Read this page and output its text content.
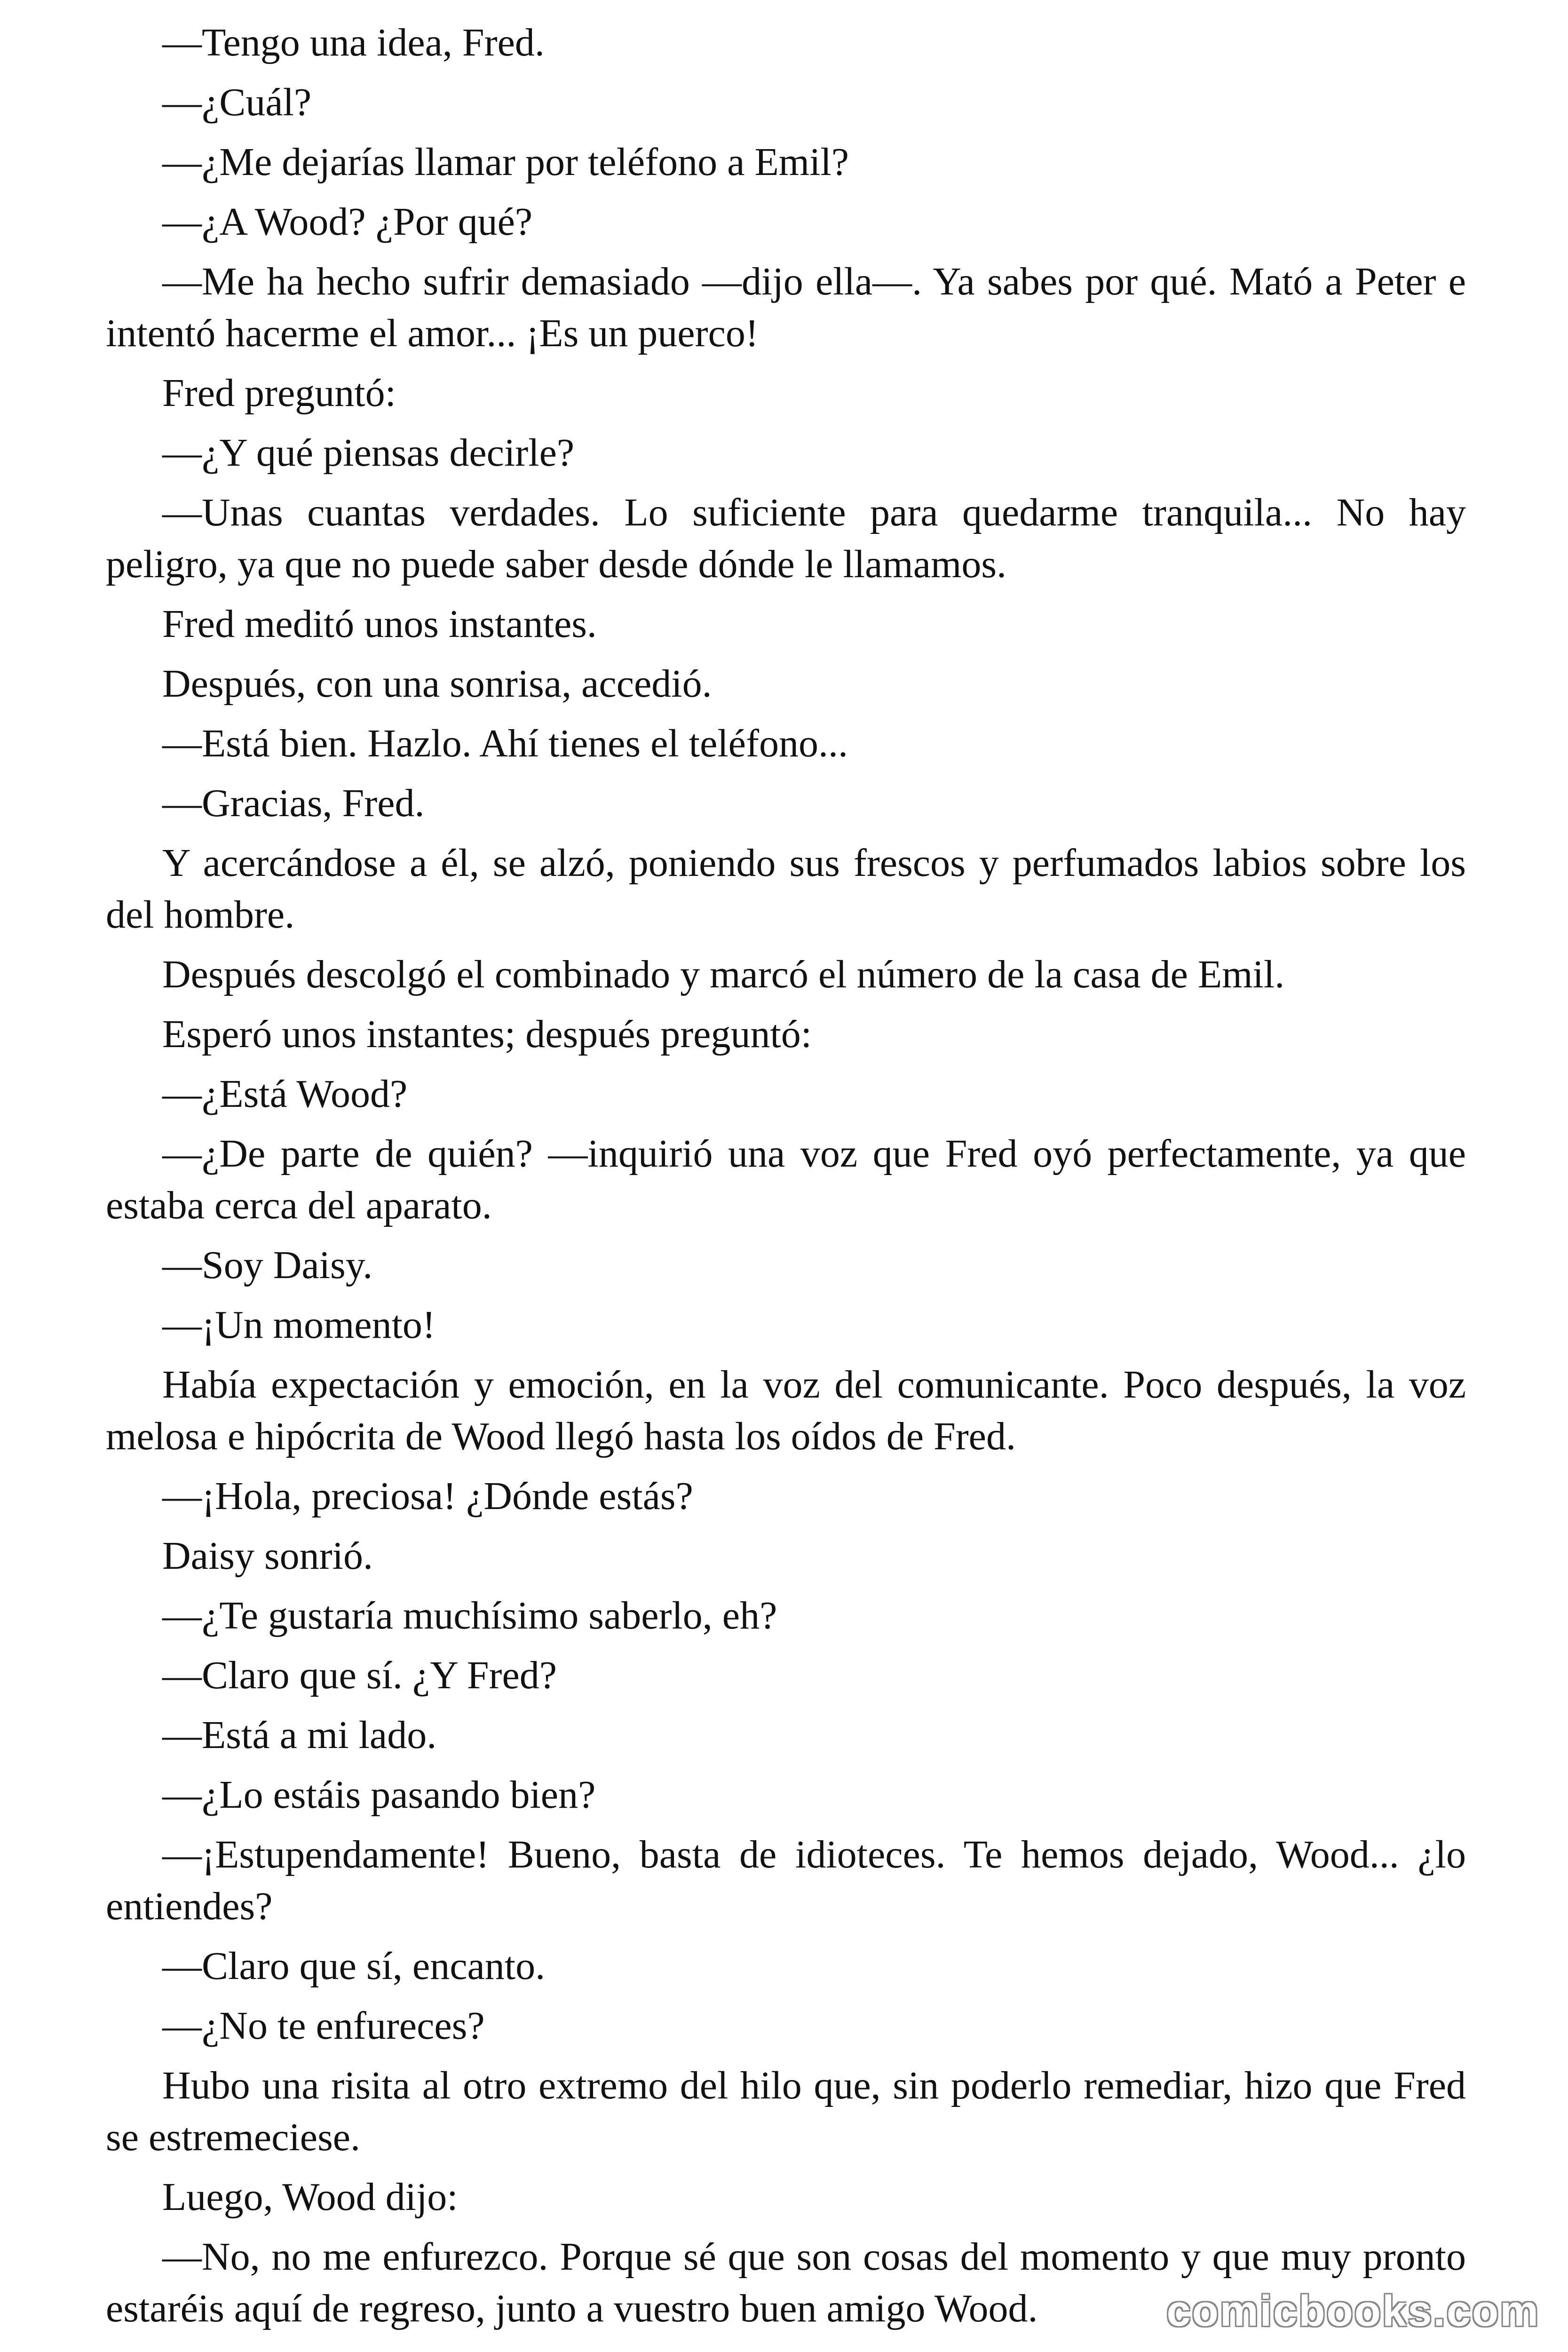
—Tengo una idea, Fred.

—¿Cuál?

—¿Me dejarías llamar por teléfono a Emil?

—¿A Wood? ¿Por qué?

—Me ha hecho sufrir demasiado —dijo ella—. Ya sabes por qué. Mató a Peter e intentó hacerme el amor... ¡Es un puerco!

Fred preguntó:

—¿Y qué piensas decirle?

—Unas cuantas verdades. Lo suficiente para quedarme tranquila... No hay peligro, ya que no puede saber desde dónde le llamamos.

Fred meditó unos instantes.

Después, con una sonrisa, accedió.

—Está bien. Hazlo. Ahí tienes el teléfono...

—Gracias, Fred.

Y acercándose a él, se alzó, poniendo sus frescos y perfumados labios sobre los del hombre.

Después descolgó el combinado y marcó el número de la casa de Emil.

Esperó unos instantes; después preguntó:

—¿Está Wood?

—¿De parte de quién? —inquirió una voz que Fred oyó perfectamente, ya que estaba cerca del aparato.

—Soy Daisy.

—¡Un momento!

Había expectación y emoción, en la voz del comunicante. Poco después, la voz melosa e hipócrita de Wood llegó hasta los oídos de Fred.

—¡Hola, preciosa! ¿Dónde estás?

Daisy sonrió.

—¿Te gustaría muchísimo saberlo, eh?

—Claro que sí. ¿Y Fred?

—Está a mi lado.

—¿Lo estáis pasando bien?

—¡Estupendamente! Bueno, basta de idioteces. Te hemos dejado, Wood... ¿lo entiendes?

—Claro que sí, encanto.

—¿No te enfureces?

Hubo una risita al otro extremo del hilo que, sin poderlo remediar, hizo que Fred se estremeciese.

Luego, Wood dijo:

—No, no me enfurezco. Porque sé que son cosas del momento y que muy pronto estaréis aquí de regreso, junto a vuestro buen amigo Wood.	comicbooks.com
